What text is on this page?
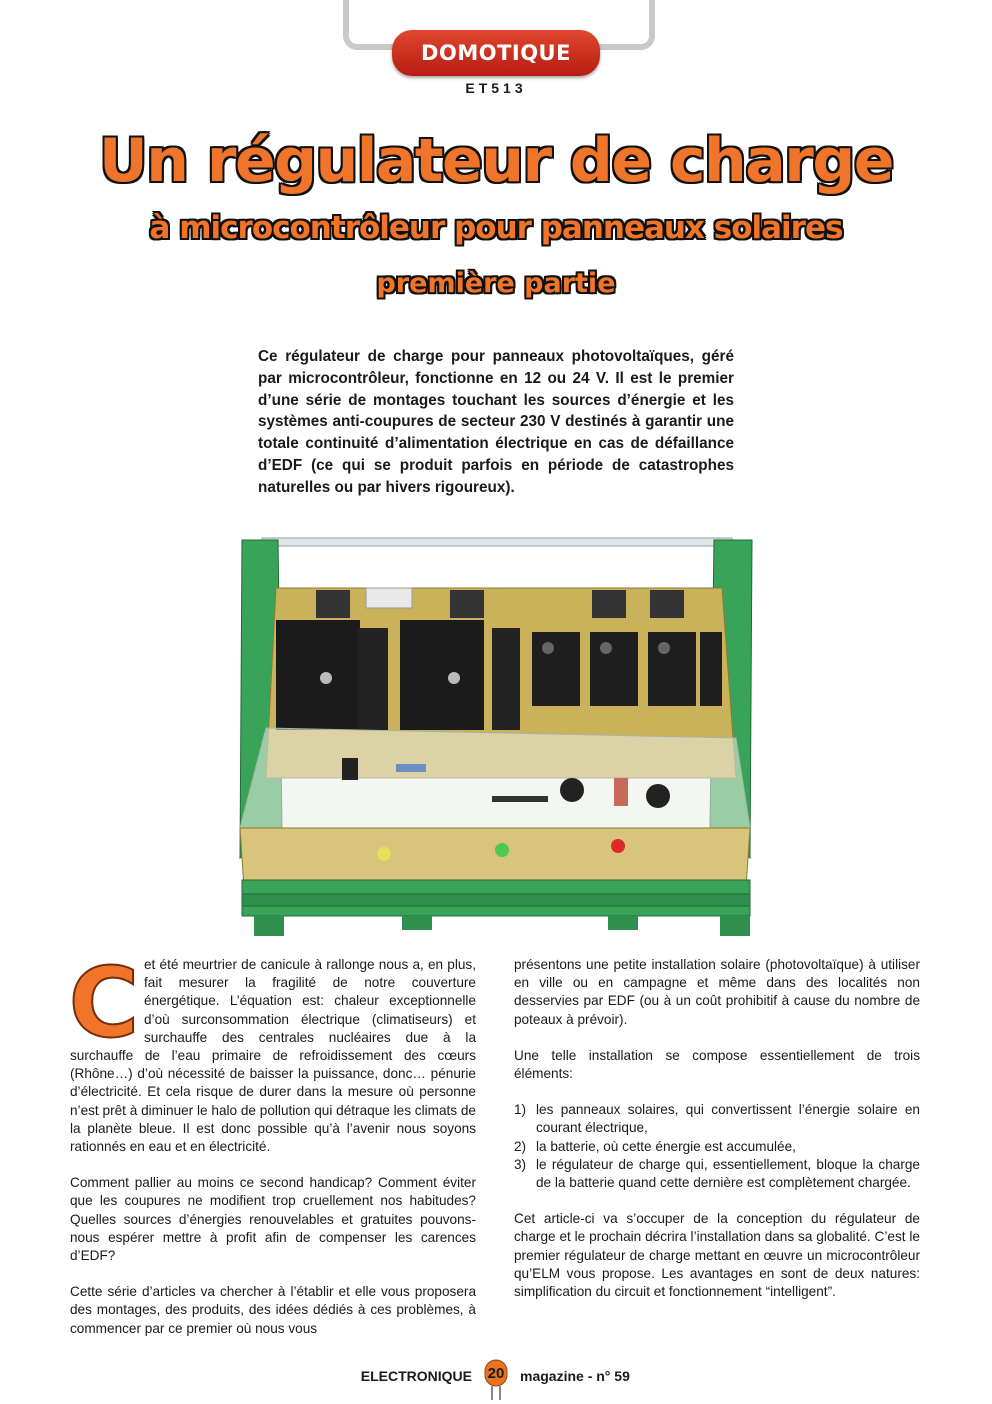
DOMOTIQUE
ET513
Un régulateur de charge
à microcontrôleur pour panneaux solaires
première partie
Ce régulateur de charge pour panneaux photovoltaïques, géré par microcontrôleur, fonctionne en 12 ou 24 V. Il est le premier d’une série de montages touchant les sources d’énergie et les systèmes anti-coupures de secteur 230 V destinés à garantir une totale continuité d’alimentation électrique en cas de défaillance d’EDF (ce qui se produit parfois en période de catastrophes naturelles ou par hivers rigoureux).

C et été meurtrier de canicule à rallonge nous a, en plus, fait mesurer la fragilité de notre couverture énergétique. L’équation est: chaleur exceptionnelle d’où surconsommation électrique (climatiseurs) et surchauffe des centrales nucléaires due à la surchauffe de l’eau primaire de refroidissement des cœurs (Rhône…) d’où nécessité de baisser la puissance, donc… pénurie d’électricité. Et cela risque de durer dans la mesure où personne n’est prêt à diminuer le halo de pollution qui détraque les climats de la planète bleue. Il est donc possible qu’à l’avenir nous soyons rationnés en eau et en électricité.

Comment pallier au moins ce second handicap? Comment éviter que les coupures ne modifient trop cruellement nos habitudes? Quelles sources d’énergies renouvelables et gratuites pouvons-nous espérer mettre à profit afin de compenser les carences d’EDF?

Cette série d’articles va chercher à l’établir et elle vous proposera des montages, des produits, des idées dédiés à ces problèmes, à commencer par ce premier où nous vous

présentons une petite installation solaire (photovoltaïque) à utiliser en ville ou en campagne et même dans des localités non desservies par EDF (ou à un coût prohibitif à cause du nombre de poteaux à prévoir).

Une telle installation se compose essentiellement de trois éléments:

1) les panneaux solaires, qui convertissent l’énergie solaire en courant électrique,
2) la batterie, où cette énergie est accumulée,
3) le régulateur de charge qui, essentiellement, bloque la charge de la batterie quand cette dernière est complètement chargée.

Cet article-ci va s’occuper de la conception du régulateur de charge et le prochain décrira l’installation dans sa globalité. C’est le premier régulateur de charge mettant en œuvre un microcontrôleur qu’ELM vous propose. Les avantages en sont de deux natures: simplification du circuit et fonctionnement “intelligent”.

ELECTRONIQUE	20	magazine - n° 59
